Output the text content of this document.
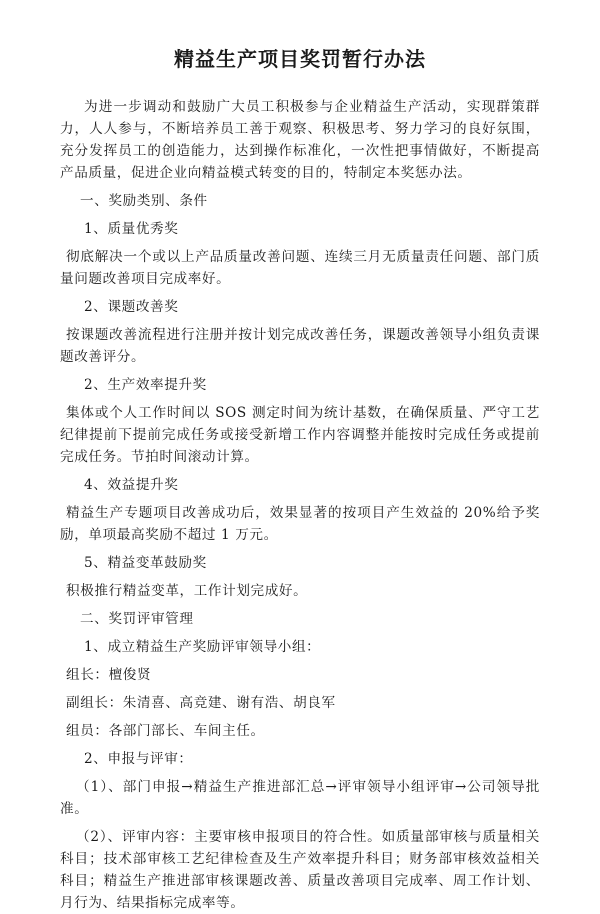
精益生产项目奖罚暂行办法

为进一步调动和鼓励广大员工积极参与企业精益生产活动，实现群策群力，人人参与，不断培养员工善于观察、积极思考、努力学习的良好氛围，充分发挥员工的创造能力，达到操作标准化，一次性把事情做好，不断提高产品质量，促进企业向精益模式转变的目的，特制定本奖惩办法。

一、奖励类别、条件

1、质量优秀奖

彻底解决一个或以上产品质量改善问题、连续三月无质量责任问题、部门质量问题改善项目完成率好。

2、课题改善奖

按课题改善流程进行注册并按计划完成改善任务，课题改善领导小组负责课题改善评分。

2、生产效率提升奖

集体或个人工作时间以 SOS 测定时间为统计基数，在确保质量、严守工艺纪律提前下提前完成任务或接受新增工作内容调整并能按时完成任务或提前完成任务。节拍时间滚动计算。

4、效益提升奖

精益生产专题项目改善成功后，效果显著的按项目产生效益的 20%给予奖励，单项最高奖励不超过 1 万元。

5、精益变革鼓励奖

积极推行精益变革，工作计划完成好。

二、奖罚评审管理

1、成立精益生产奖励评审领导小组：

组长：檀俊贤

副组长：朱清喜、高竞建、谢有浩、胡良军

组员：各部门部长、车间主任。

2、申报与评审：

（1）、部门申报→精益生产推进部汇总→评审领导小组评审→公司领导批准。

（2）、评审内容：主要审核申报项目的符合性。如质量部审核与质量相关科目；技术部审核工艺纪律检查及生产效率提升科目；财务部审核效益相关科目；精益生产推进部审核课题改善、质量改善项目完成率、周工作计划、月行为、结果指标完成率等。
